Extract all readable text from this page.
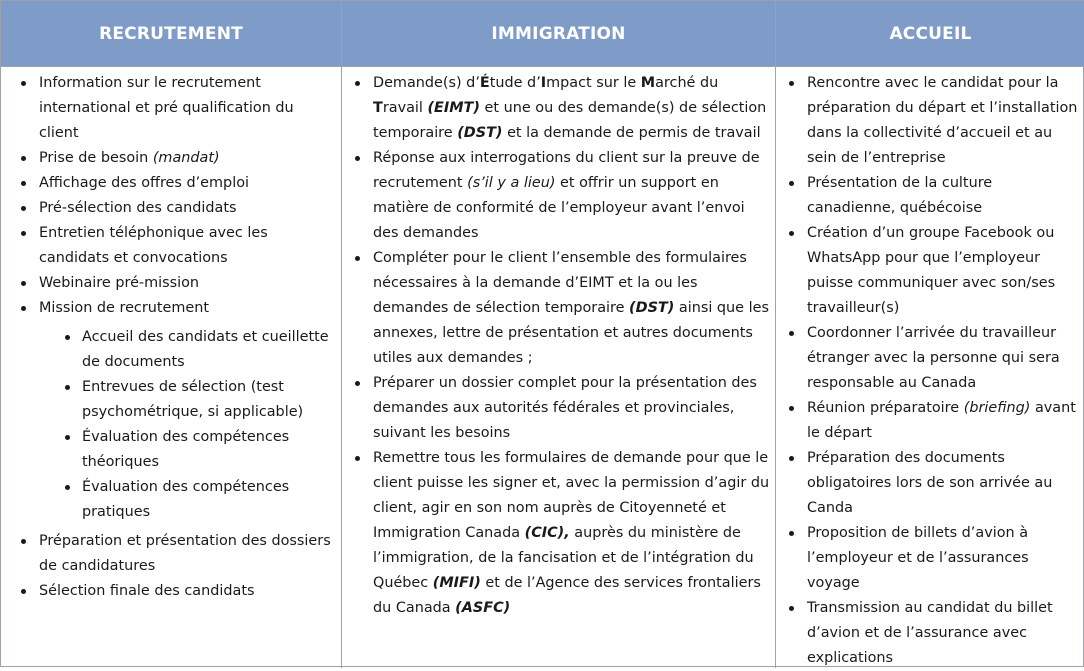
RECRUTEMENT
Information sur le recrutement international et pré qualification du client
Prise de besoin (mandat)
Affichage des offres d’emploi
Pré-sélection des candidats
Entretien téléphonique avec les candidats et convocations
Webinaire pré-mission
Mission de recrutement
Accueil des candidats et cueillette de documents
Entrevues de sélection (test psychométrique, si applicable)
Évaluation des compétences théoriques
Évaluation des compétences pratiques
Préparation et présentation des dossiers de candidatures
Sélection finale des candidats
IMMIGRATION
Demande(s) d’Étude d’Impact sur le Marché du Travail (EIMT) et une ou des demande(s) de sélection temporaire (DST) et la demande de permis de travail
Réponse aux interrogations du client sur la preuve de recrutement (s’il y a lieu) et offrir un support en matière de conformité de l’employeur avant l’envoi des demandes
Compléter pour le client l’ensemble des formulaires nécessaires à la demande d’EIMT et la ou les demandes de sélection temporaire (DST) ainsi que les annexes, lettre de présentation et autres documents utiles aux demandes ;
Préparer un dossier complet pour la présentation des demandes aux autorités fédérales et provinciales, suivant les besoins
Remettre tous les formulaires de demande pour que le client puisse les signer et, avec la permission d’agir du client, agir en son nom auprès de Citoyenneté et Immigration Canada (CIC), auprès du ministère de l’immigration, de la fancisation et de l’intégration du Québec (MIFI) et de l’Agence des services frontaliers du Canada (ASFC)
ACCUEIL
Rencontre avec le candidat pour la préparation du départ et l’installation dans la collectivité d’accueil et au sein de l’entreprise
Présentation de la culture canadienne, québécoise
Création d’un groupe Facebook ou WhatsApp pour que l’employeur puisse communiquer avec son/ses travailleur(s)
Coordonner l’arrivée du travailleur étranger avec la personne qui sera responsable au Canada
Réunion préparatoire (briefing) avant le départ
Préparation des documents obligatoires lors de son arrivée au Canda
Proposition de billets d’avion à l’employeur et de l’assurances voyage
Transmission au candidat du billet d’avion et de l’assurance avec explications
